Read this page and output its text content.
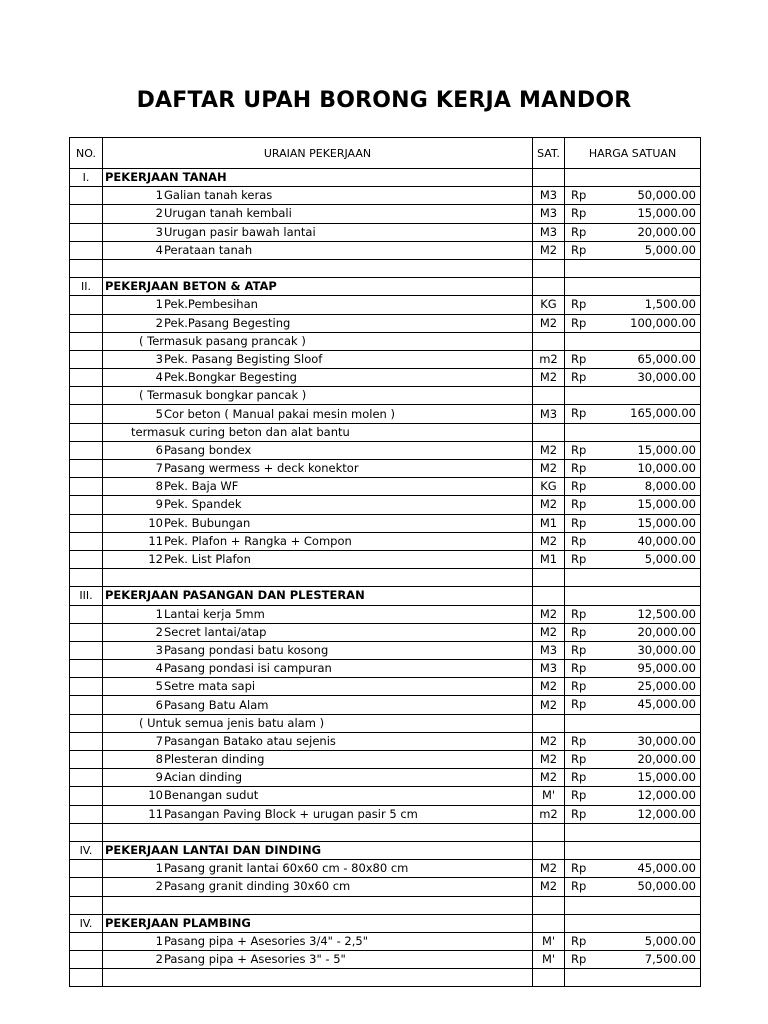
DAFTAR UPAH BORONG KERJA MANDOR
NO.	URAIAN PEKERJAAN	SAT.	HARGA SATUAN
I.	PEKERJAAN TANAH		
	1Galian tanah keras	M3	Rp 50,000.00

	2Urugan tanah kembali	M3	Rp 15,000.00

	3Urugan pasir bawah lantai	M3	Rp 20,000.00

	4Perataan tanah	M2	Rp 5,000.00

II.	PEKERJAAN BETON & ATAP		
	1Pek.Pembesihan	KG	Rp 1,500.00

	2Pek.Pasang Begesting	M2	Rp 100,000.00

	( Termasuk pasang prancak )		
	3Pek. Pasang Begisting Sloof	m2	Rp 65,000.00

	4Pek.Bongkar Begesting	M2	Rp 30,000.00

	( Termasuk bongkar pancak )		
	5Cor beton ( Manual pakai mesin molen )	M3	Rp 165,000.00

	termasuk curing beton dan alat bantu		
	6Pasang bondex	M2	Rp 15,000.00

	7Pasang wermess + deck konektor	M2	Rp 10,000.00

	8Pek. Baja WF	KG	Rp 8,000.00

	9Pek. Spandek	M2	Rp 15,000.00

	10Pek. Bubungan	M1	Rp 15,000.00

	11Pek. Plafon + Rangka + Compon	M2	Rp 40,000.00

	12Pek. List Plafon	M1	Rp 5,000.00

III.	PEKERJAAN PASANGAN DAN PLESTERAN		
	1Lantai kerja 5mm	M2	Rp 12,500.00

	2Secret lantai/atap	M2	Rp 20,000.00

	3Pasang pondasi batu kosong	M3	Rp 30,000.00

	4Pasang pondasi isi campuran	M3	Rp 95,000.00

	5Setre mata sapi	M2	Rp 25,000.00

	6Pasang Batu Alam	M2	Rp 45,000.00

	( Untuk semua jenis batu alam )		
	7Pasangan Batako atau sejenis	M2	Rp 30,000.00

	8Plesteran dinding	M2	Rp 20,000.00

	9Acian dinding	M2	Rp 15,000.00

	10Benangan sudut	M'	Rp 12,000.00

	11Pasangan Paving Block + urugan pasir 5 cm	m2	Rp 12,000.00

IV.	PEKERJAAN LANTAI DAN DINDING		
	1Pasang granit lantai 60x60 cm - 80x80 cm	M2	Rp 45,000.00

	2Pasang granit dinding 30x60 cm	M2	Rp 50,000.00

IV.	PEKERJAAN PLAMBING		
	1Pasang pipa + Asesories 3/4" - 2,5"	M'	Rp 5,000.00

	2Pasang pipa + Asesories 3" - 5"	M'	Rp 7,500.00
